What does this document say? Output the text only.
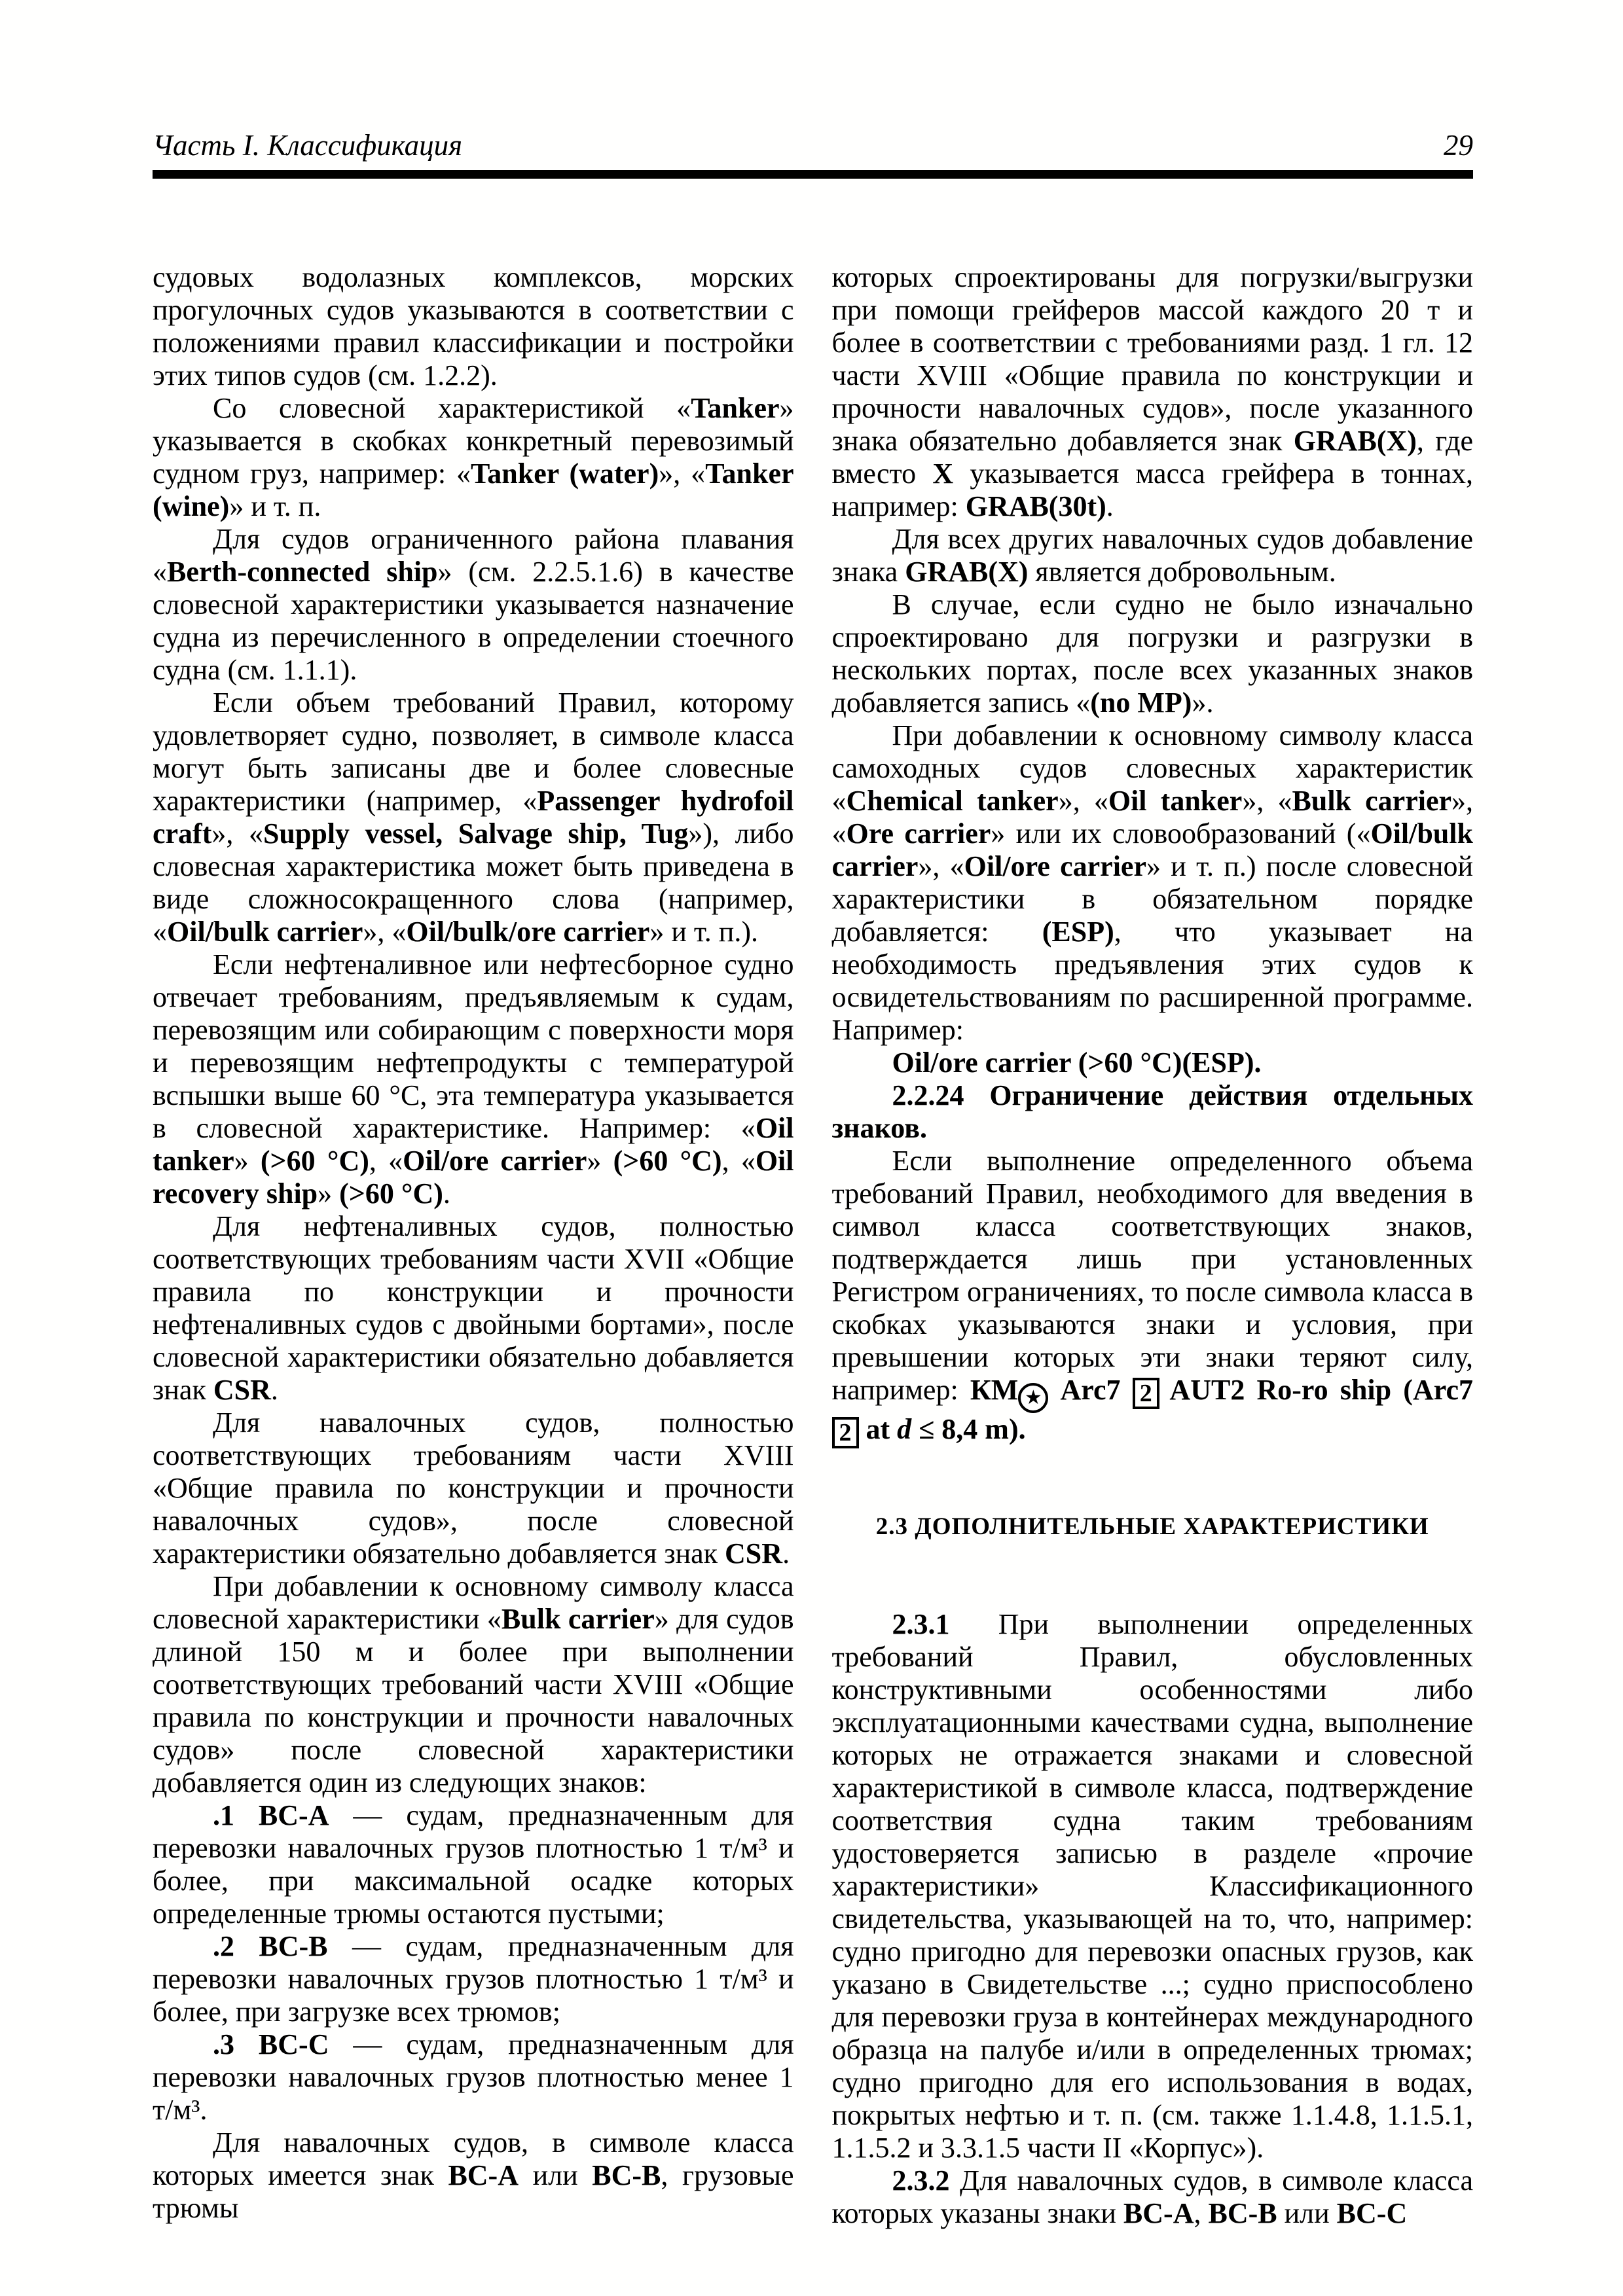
Часть I. Классификация	29

судовых водолазных комплексов, морских прогулочных судов указываются в соответствии с положениями правил классификации и постройки этих типов судов (см. 1.2.2).

Со словесной характеристикой «Tanker» указывается в скобках конкретный перевозимый судном груз, например: «Tanker (water)», «Tanker (wine)» и т. п.

Для судов ограниченного района плавания «Berth-connected ship» (см. 2.2.5.1.6) в качестве словесной характеристики указывается назначение судна из перечисленного в определении стоечного судна (см. 1.1.1).

Если объем требований Правил, которому удовлетворяет судно, позволяет, в символе класса могут быть записаны две и более словесные характеристики (например, «Passenger hydrofoil craft», «Supply vessel, Salvage ship, Tug»), либо словесная характеристика может быть приведена в виде сложносокращенного слова (например, «Oil/bulk carrier», «Oil/bulk/ore carrier» и т. п.).

Если нефтеналивное или нефтесборное судно отвечает требованиям, предъявляемым к судам, перевозящим или собирающим с поверхности моря и перевозящим нефтепродукты с температурой вспышки выше 60 °C, эта температура указывается в словесной характеристике. Например: «Oil tanker» (>60 °C), «Oil/ore carrier» (>60 °C), «Oil recovery ship» (>60 °C).

Для нефтеналивных судов, полностью соответствующих требованиям части XVII «Общие правила по конструкции и прочности нефтеналивных судов с двойными бортами», после словесной характеристики обязательно добавляется знак CSR.

Для навалочных судов, полностью соответствующих требованиям части XVIII «Общие правила по конструкции и прочности навалочных судов», после словесной характеристики обязательно добавляется знак CSR.

При добавлении к основному символу класса словесной характеристики «Bulk carrier» для судов длиной 150 м и более при выполнении соответствующих требований части XVIII «Общие правила по конструкции и прочности навалочных судов» после словесной характеристики добавляется один из следующих знаков:

.1 BC-A — судам, предназначенным для перевозки навалочных грузов плотностью 1 т/м³ и более, при максимальной осадке которых определенные трюмы остаются пустыми;

.2 BC-B — судам, предназначенным для перевозки навалочных грузов плотностью 1 т/м³ и более, при загрузке всех трюмов;

.3 BC-C — судам, предназначенным для перевозки навалочных грузов плотностью менее 1 т/м³.

Для навалочных судов, в символе класса которых имеется знак BC-A или BC-B, грузовые трюмы

которых спроектированы для погрузки/выгрузки при помощи грейферов массой каждого 20 т и более в соответствии с требованиями разд. 1 гл. 12 части XVIII «Общие правила по конструкции и прочности навалочных судов», после указанного знака обязательно добавляется знак GRAB(X), где вместо X указывается масса грейфера в тоннах, например: GRAB(30t).

Для всех других навалочных судов добавление знака GRAB(X) является добровольным.

В случае, если судно не было изначально спроектировано для погрузки и разгрузки в нескольких портах, после всех указанных знаков добавляется запись «(no MP)».

При добавлении к основному символу класса самоходных судов словесных характеристик «Chemical tanker», «Oil tanker», «Bulk carrier», «Ore carrier» или их словообразований («Oil/bulk carrier», «Oil/ore carrier» и т. п.) после словесной характеристики в обязательном порядке добавляется: (ESP), что указывает на необходимость предъявления этих судов к освидетельствованиям по расширенной программе. Например:

Oil/ore carrier (>60 °C)(ESP).

2.2.24 Ограничение действия отдельных знаков.

Если выполнение определенного объема требований Правил, необходимого для введения в символ класса соответствующих знаков, подтверждается лишь при установленных Регистром ограничениях, то после символа класса в скобках указываются знаки и условия, при превышении которых эти знаки теряют силу, например: КМ ★ Arc7 2 AUT2 Ro-ro ship (Arc7 2 at d ≤ 8,4 m).

2.3 ДОПОЛНИТЕЛЬНЫЕ ХАРАКТЕРИСТИКИ

2.3.1 При выполнении определенных требований Правил, обусловленных конструктивными особенностями либо эксплуатационными качествами судна, выполнение которых не отражается знаками и словесной характеристикой в символе класса, подтверждение соответствия судна таким требованиям удостоверяется записью в разделе «прочие характеристики» Классификационного свидетельства, указывающей на то, что, например: судно пригодно для перевозки опасных грузов, как указано в Свидетельстве ...; судно приспособлено для перевозки груза в контейнерах международного образца на палубе и/или в определенных трюмах; судно пригодно для его использования в водах, покрытых нефтью и т. п. (см. также 1.1.4.8, 1.1.5.1, 1.1.5.2 и 3.3.1.5 части II «Корпус»).

2.3.2 Для навалочных судов, в символе класса которых указаны знаки BC-A, BC-B или BC-C
